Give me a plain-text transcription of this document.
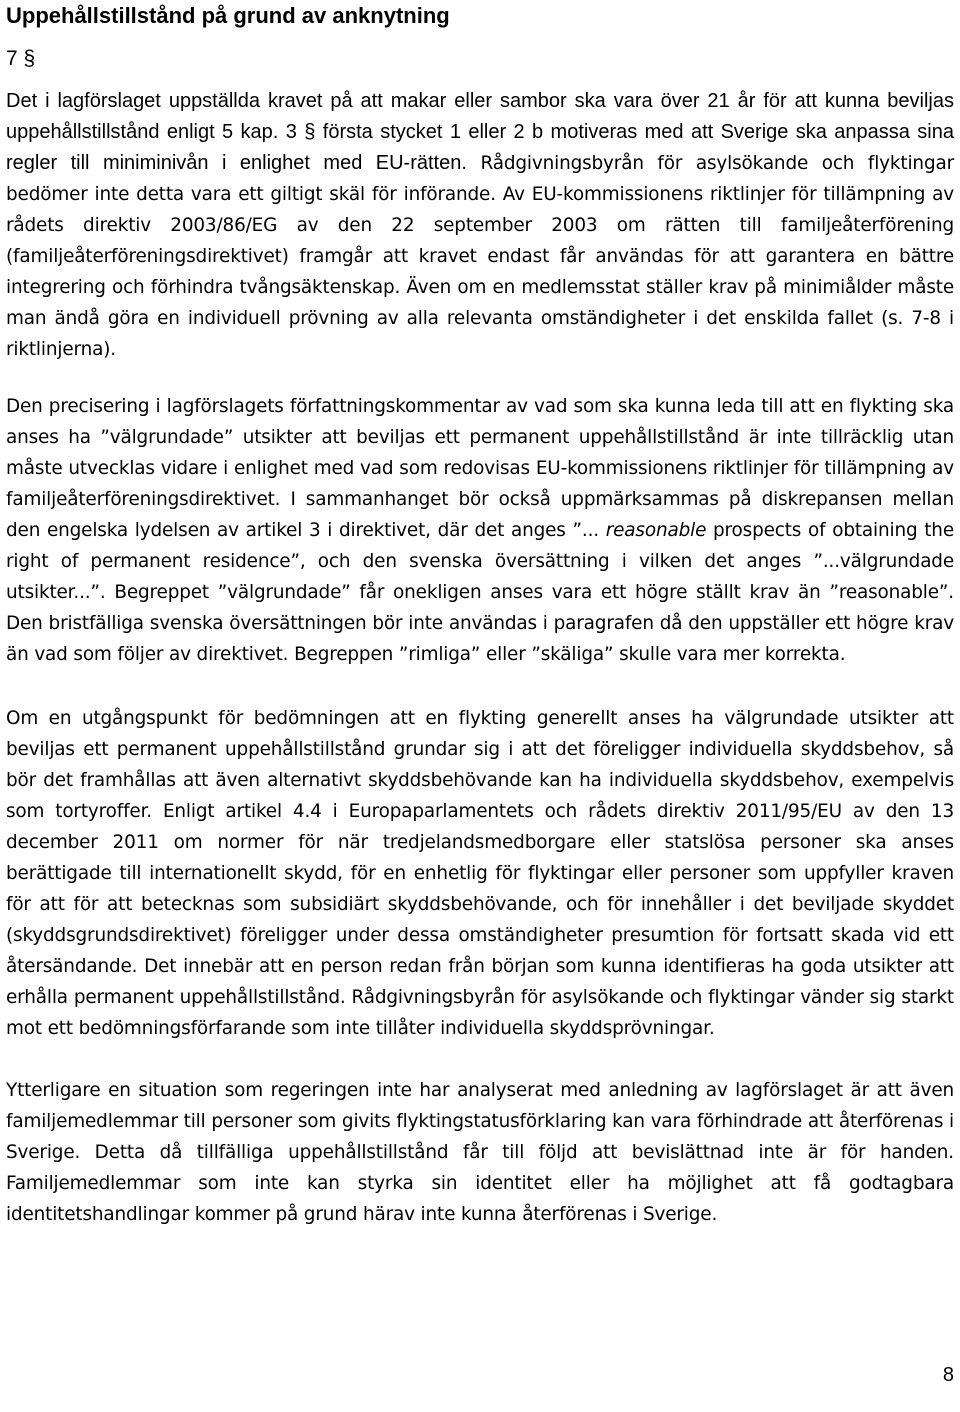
Uppehållstillstånd på grund av anknytning

7 §

Det i lagförslaget uppställda kravet på att makar eller sambor ska vara över 21 år för att kunna beviljas uppehållstillstånd enligt 5 kap. 3 § första stycket 1 eller 2 b motiveras med att Sverige ska anpassa sina regler till miniminivån i enlighet med EU-rätten. Rådgivningsbyrån för asylsökande och flyktingar bedömer inte detta vara ett giltigt skäl för införande. Av EU-kommissionens riktlinjer för tillämpning av rådets direktiv 2003/86/EG av den 22 september 2003 om rätten till familjeåterförening (familjeåterföreningsdirektivet) framgår att kravet endast får användas för att garantera en bättre integrering och förhindra tvångsäktenskap. Även om en medlemsstat ställer krav på minimiålder måste man ändå göra en individuell prövning av alla relevanta omständigheter i det enskilda fallet (s. 7-8 i riktlinjerna).

Den precisering i lagförslagets författningskommentar av vad som ska kunna leda till att en flykting ska anses ha ”välgrundade” utsikter att beviljas ett permanent uppehållstillstånd är inte tillräcklig utan måste utvecklas vidare i enlighet med vad som redovisas EU-kommissionens riktlinjer för tillämpning av familjeåterföreningsdirektivet. I sammanhanget bör också uppmärksammas på diskrepansen mellan den engelska lydelsen av artikel 3 i direktivet, där det anges ”... reasonable prospects of obtaining the right of permanent residence”, och den svenska översättning i vilken det anges ”...välgrundade utsikter...”. Begreppet ”välgrundade” får onekligen anses vara ett högre ställt krav än ”reasonable”. Den bristfälliga svenska översättningen bör inte användas i paragrafen då den uppställer ett högre krav än vad som följer av direktivet. Begreppen ”rimliga” eller ”skäliga” skulle vara mer korrekta.

Om en utgångspunkt för bedömningen att en flykting generellt anses ha välgrundade utsikter att beviljas ett permanent uppehållstillstånd grundar sig i att det föreligger individuella skyddsbehov, så bör det framhållas att även alternativt skyddsbehövande kan ha individuella skyddsbehov, exempelvis som tortyroffer. Enligt artikel 4.4 i Europaparlamentets och rådets direktiv 2011/95/EU av den 13 december 2011 om normer för när tredjelandsmedborgare eller statslösa personer ska anses berättigade till internationellt skydd, för en enhetlig för flyktingar eller personer som uppfyller kraven för att för att betecknas som subsidiärt skyddsbehövande, och för innehåller i det beviljade skyddet (skyddsgrundsdirektivet) föreligger under dessa omständigheter presumtion för fortsatt skada vid ett återsändande. Det innebär att en person redan från början som kunna identifieras ha goda utsikter att erhålla permanent uppehållstillstånd. Rådgivningsbyrån för asylsökande och flyktingar vänder sig starkt mot ett bedömningsförfarande som inte tillåter individuella skyddsprövningar.

Ytterligare en situation som regeringen inte har analyserat med anledning av lagförslaget är att även familjemedlemmar till personer som givits flyktingstatusförklaring kan vara förhindrade att återförenas i Sverige. Detta då tillfälliga uppehållstillstånd får till följd att bevislättnad inte är för handen. Familjemedlemmar som inte kan styrka sin identitet eller ha möjlighet att få godtagbara identitetshandlingar kommer på grund härav inte kunna återförenas i Sverige.

8
